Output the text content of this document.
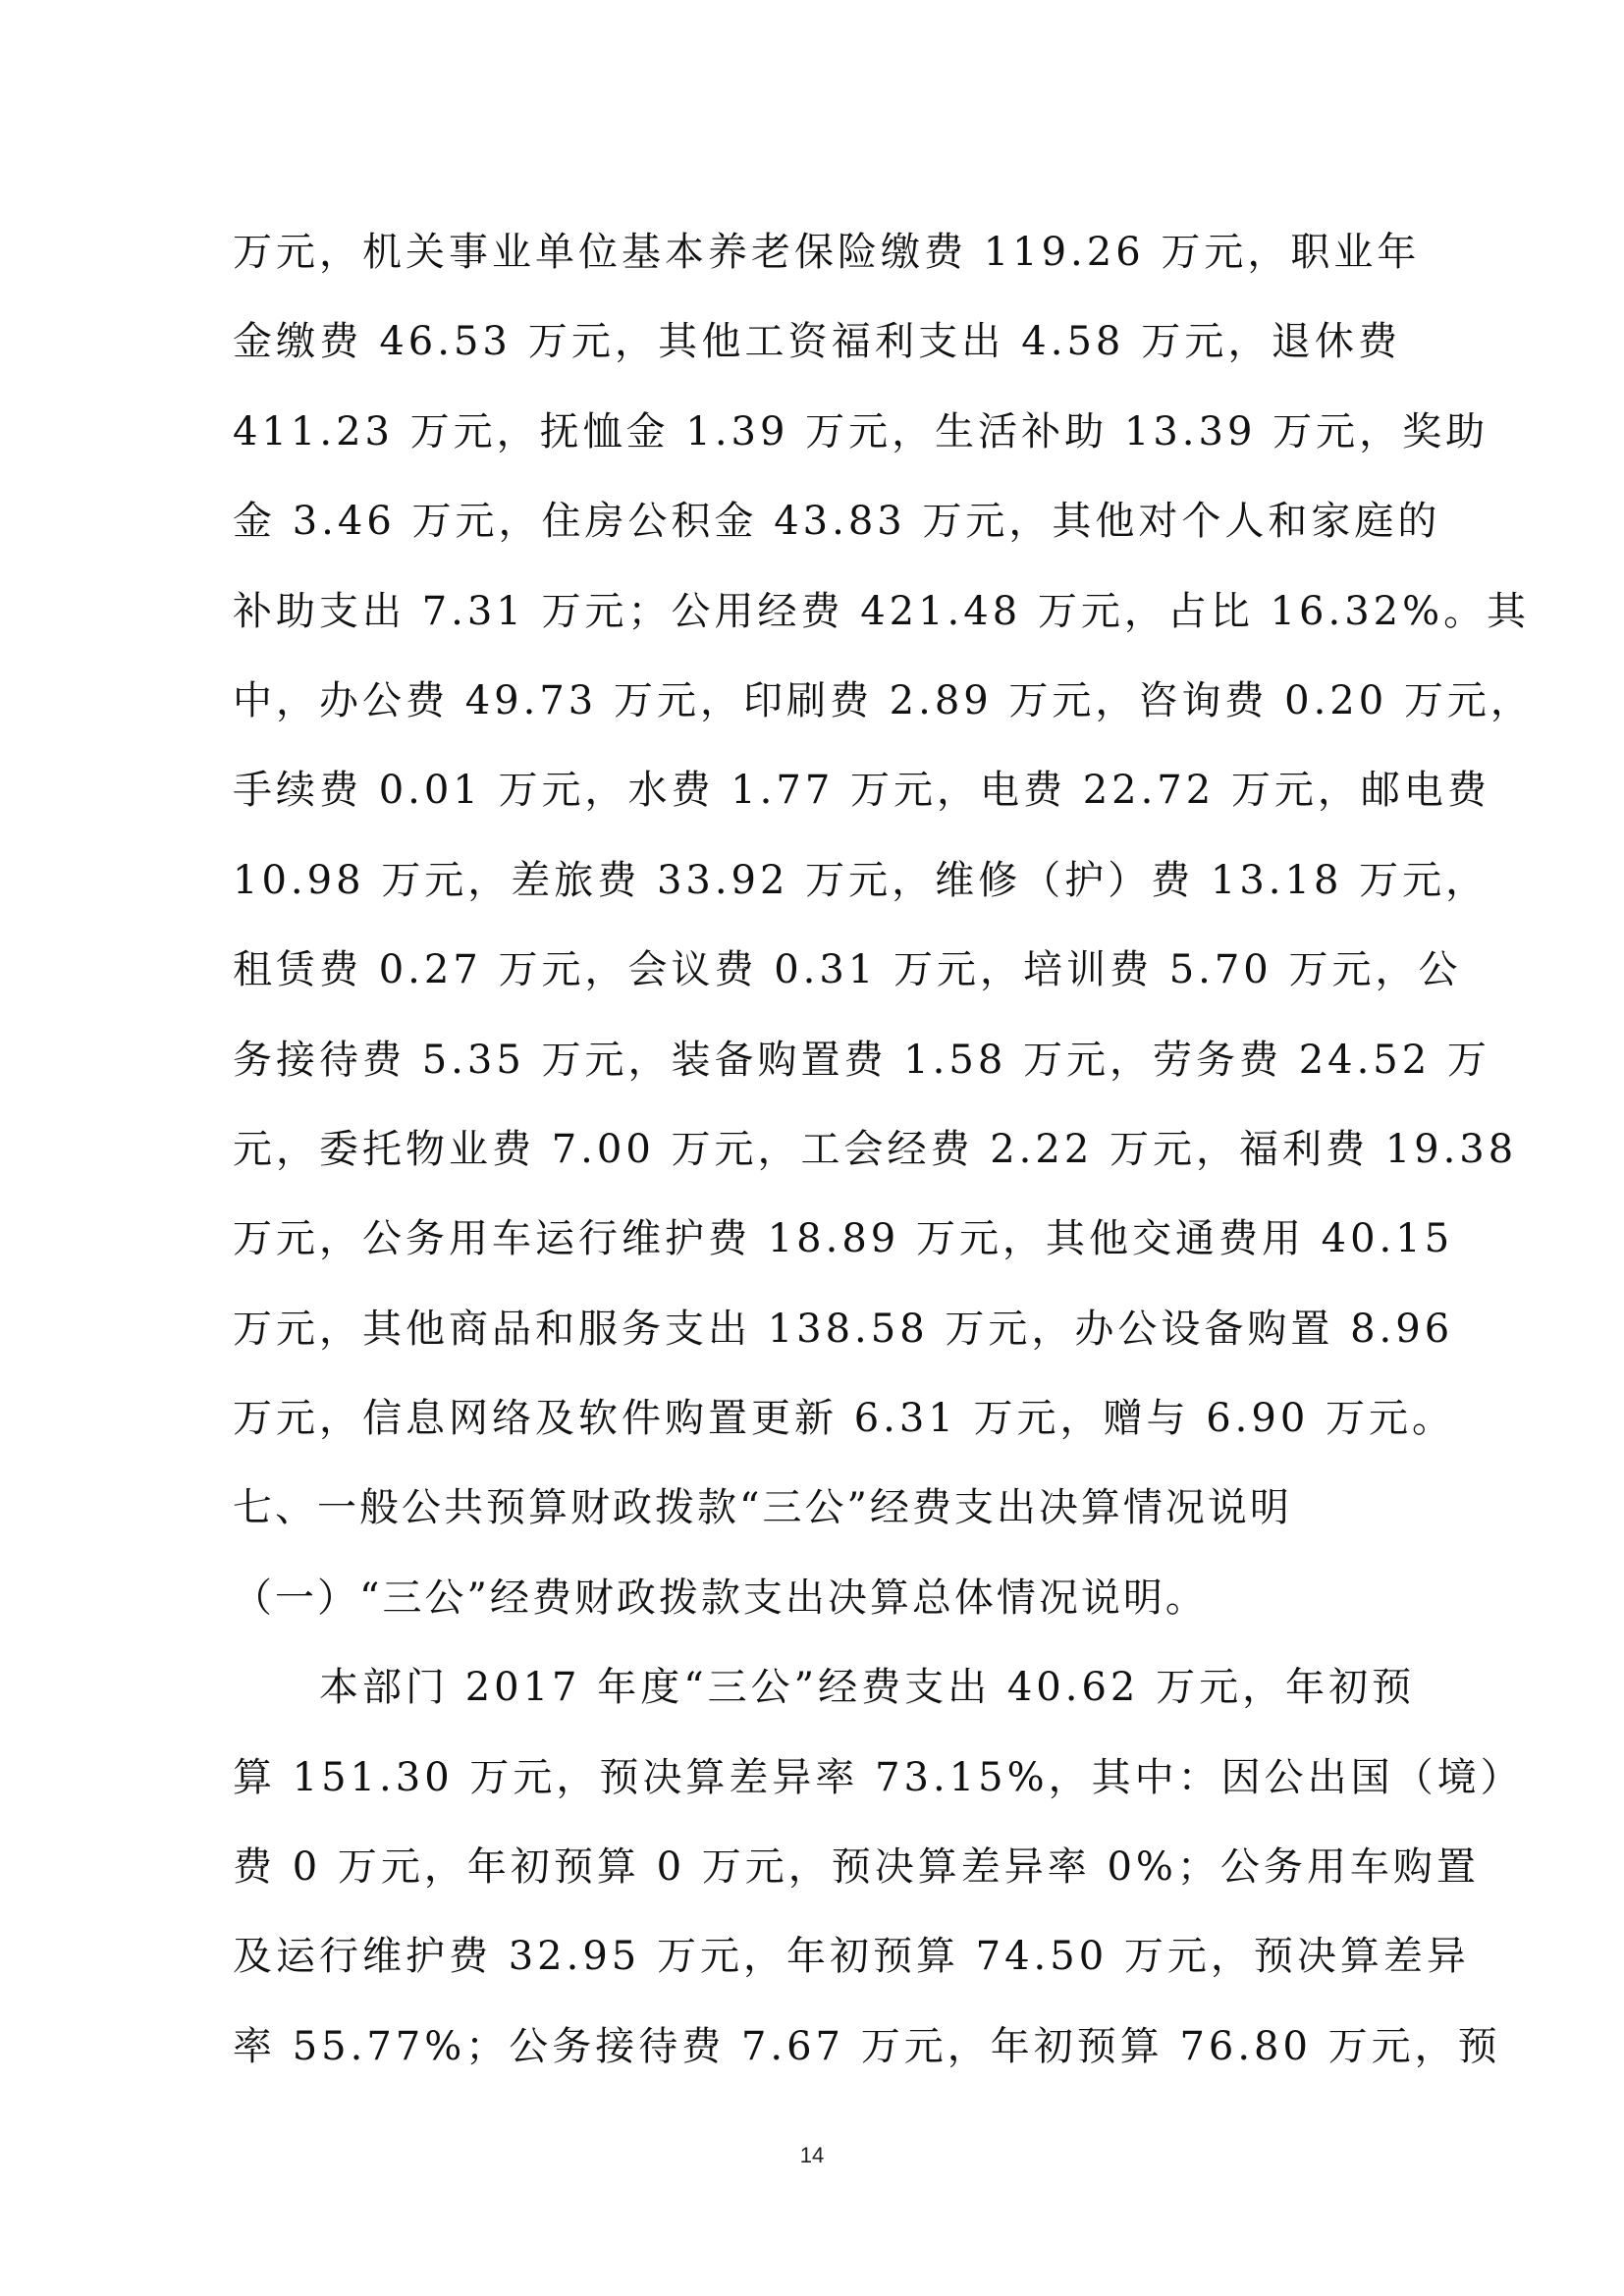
万元，机关事业单位基本养老保险缴费 119.26 万元，职业年
金缴费 46.53 万元，其他工资福利支出 4.58 万元，退休费
411.23 万元，抚恤金 1.39 万元，生活补助 13.39 万元，奖助
金 3.46 万元，住房公积金 43.83 万元，其他对个人和家庭的
补助支出 7.31 万元；公用经费 421.48 万元，占比 16.32%。其
中，办公费 49.73 万元，印刷费 2.89 万元，咨询费 0.20 万元，
手续费 0.01 万元，水费 1.77 万元，电费 22.72 万元，邮电费
10.98 万元，差旅费 33.92 万元，维修（护）费 13.18 万元，
租赁费 0.27 万元，会议费 0.31 万元，培训费 5.70 万元，公
务接待费 5.35 万元，装备购置费 1.58 万元，劳务费 24.52 万
元，委托物业费 7.00 万元，工会经费 2.22 万元，福利费 19.38
万元，公务用车运行维护费 18.89 万元，其他交通费用 40.15
万元，其他商品和服务支出 138.58 万元，办公设备购置 8.96
万元，信息网络及软件购置更新 6.31 万元，赠与 6.90 万元。
七、一般公共预算财政拨款“三公”经费支出决算情况说明
（一）“三公”经费财政拨款支出决算总体情况说明。
本部门 2017 年度“三公”经费支出 40.62 万元，年初预
算 151.30 万元，预决算差异率 73.15%，其中：因公出国（境）
费 0 万元，年初预算 0 万元，预决算差异率 0%；公务用车购置
及运行维护费 32.95 万元，年初预算 74.50 万元，预决算差异
率 55.77%；公务接待费 7.67 万元，年初预算 76.80 万元，预
14
